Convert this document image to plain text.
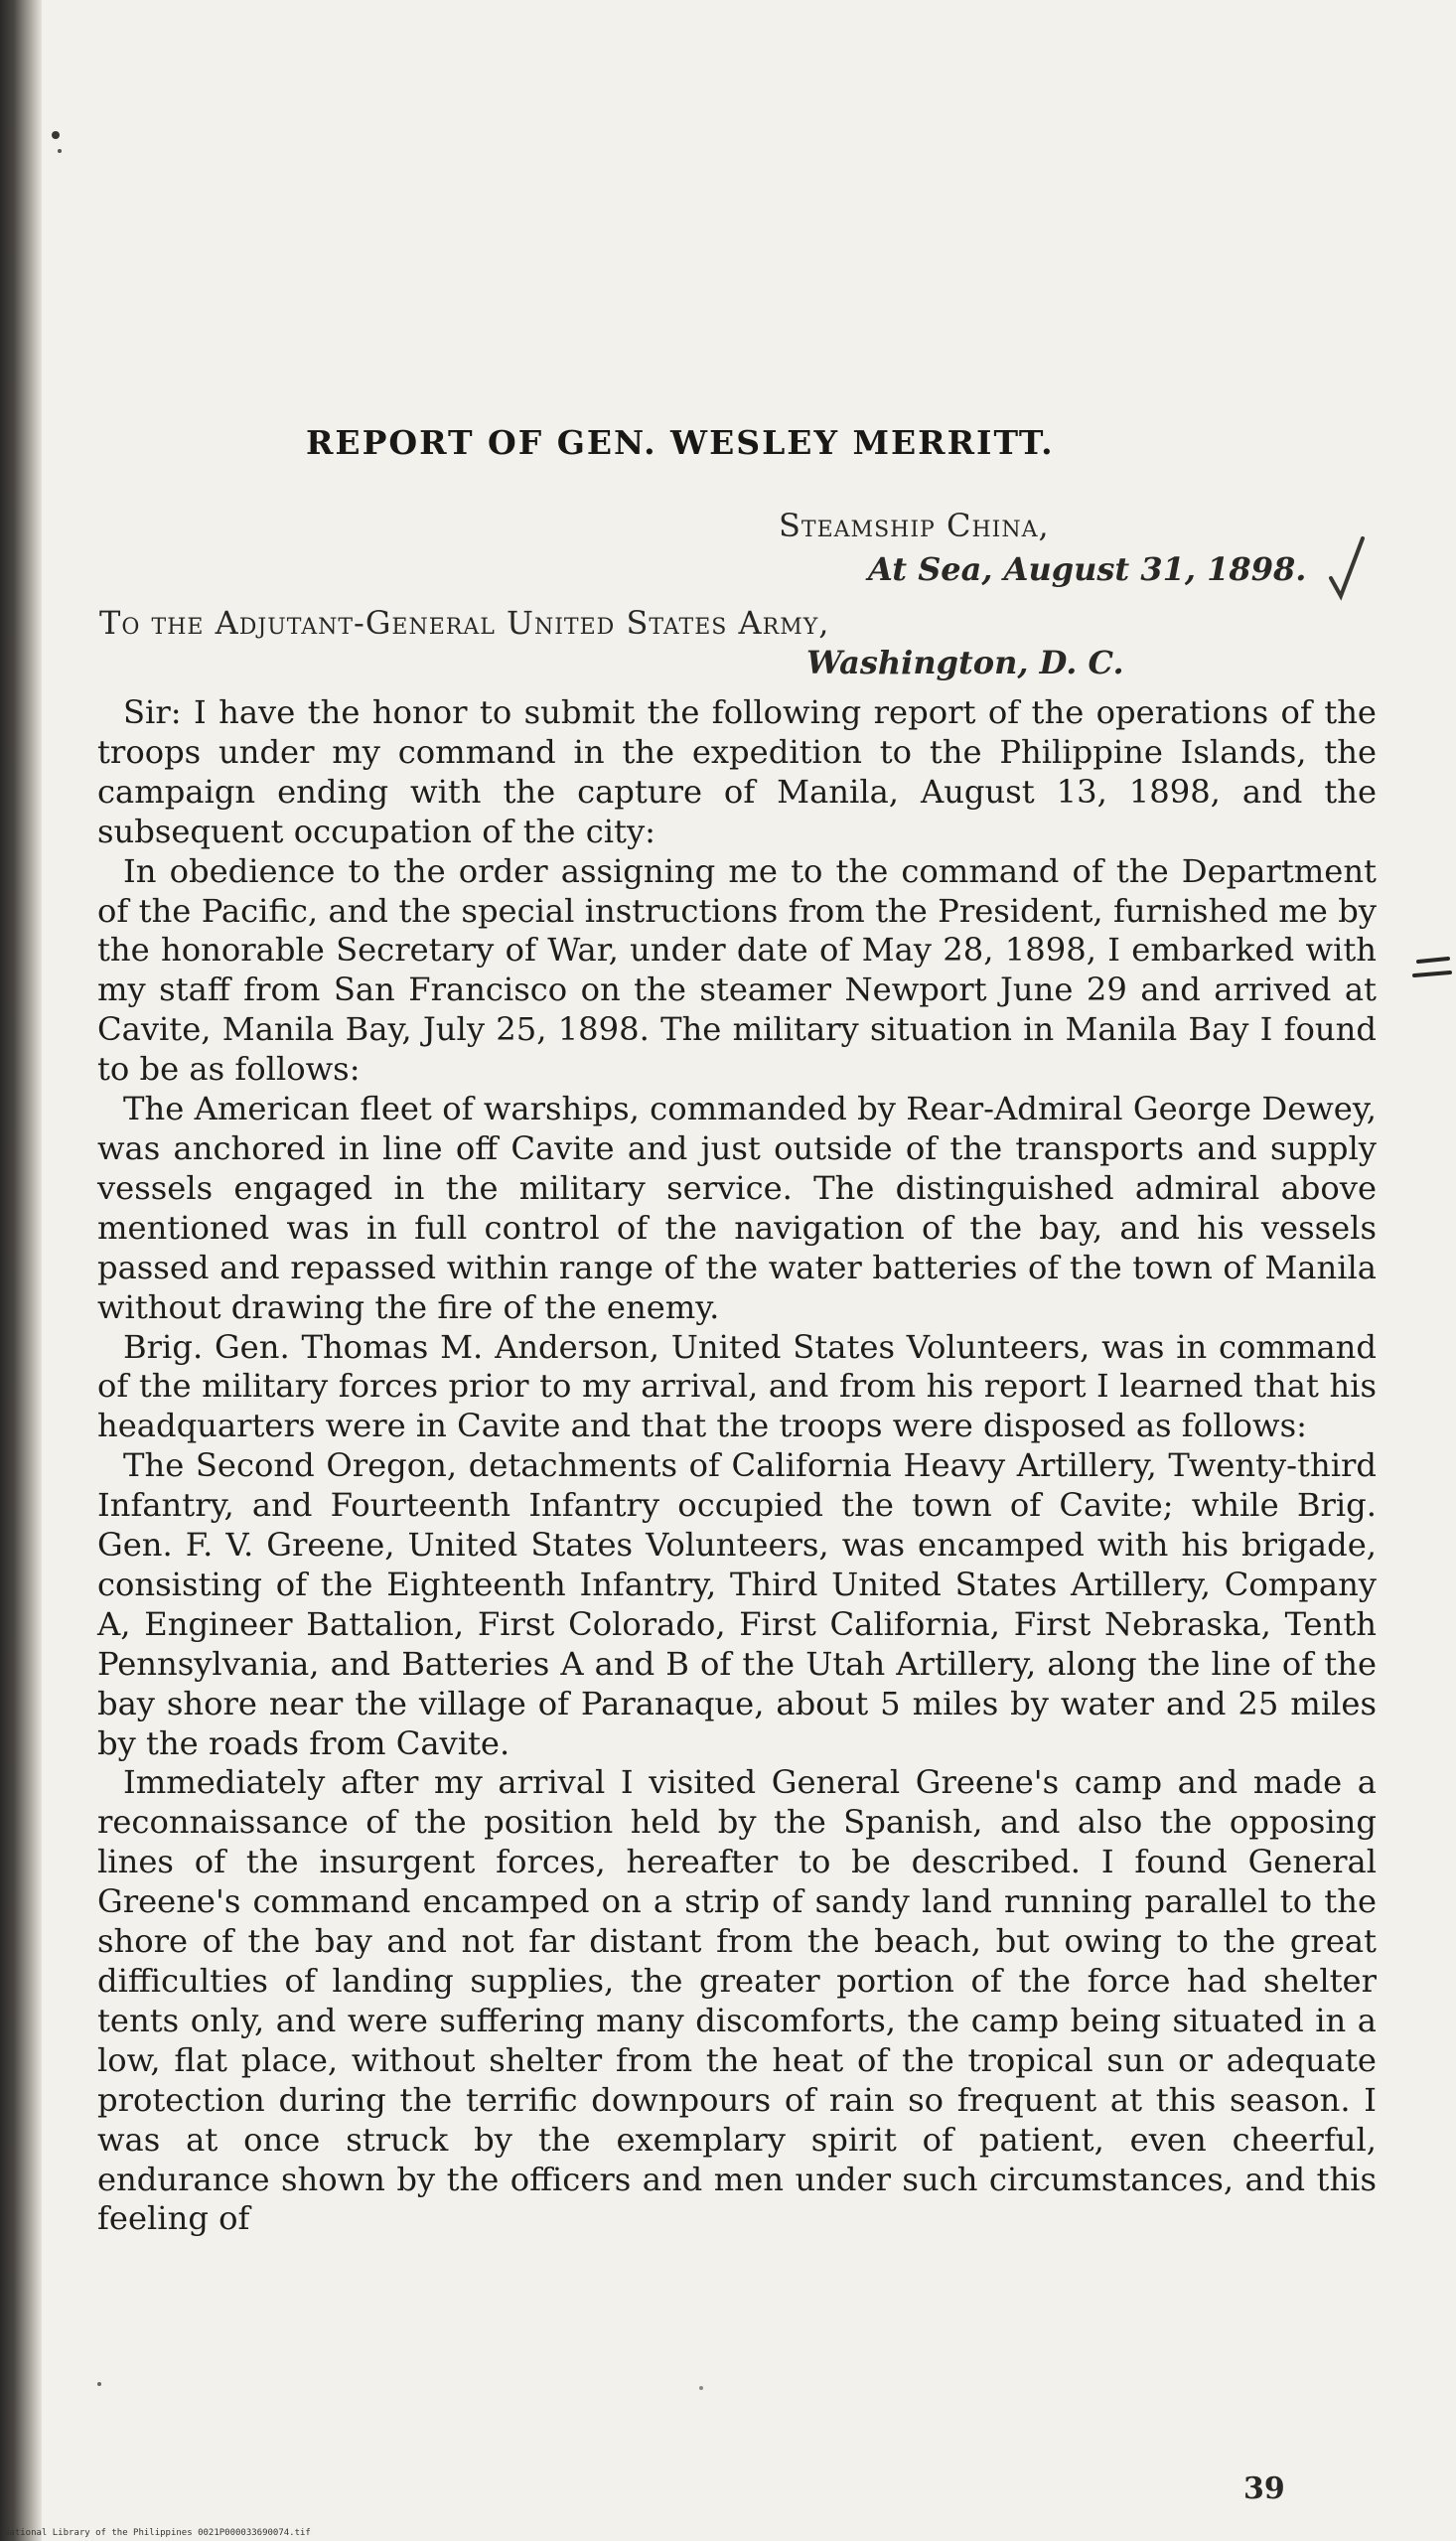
REPORT OF GEN. WESLEY MERRITT.
Steamship China,
At Sea, August 31, 1898.
To the Adjutant-General United States Army,
Washington, D. C.

Sir: I have the honor to submit the following report of the operations of the troops under my command in the expedition to the Philippine Islands, the campaign ending with the capture of Manila, August 13, 1898, and the subsequent occupation of the city:

In obedience to the order assigning me to the command of the Department of the Pacific, and the special instructions from the President, furnished me by the honorable Secretary of War, under date of May 28, 1898, I embarked with my staff from San Francisco on the steamer Newport June 29 and arrived at Cavite, Manila Bay, July 25, 1898. The military situation in Manila Bay I found to be as follows:

The American fleet of warships, commanded by Rear-Admiral George Dewey, was anchored in line off Cavite and just outside of the transports and supply vessels engaged in the military service. The distinguished admiral above mentioned was in full control of the navigation of the bay, and his vessels passed and repassed within range of the water batteries of the town of Manila without drawing the fire of the enemy.

Brig. Gen. Thomas M. Anderson, United States Volunteers, was in command of the military forces prior to my arrival, and from his report I learned that his headquarters were in Cavite and that the troops were disposed as follows:

The Second Oregon, detachments of California Heavy Artillery, Twenty-third Infantry, and Fourteenth Infantry occupied the town of Cavite; while Brig. Gen. F. V. Greene, United States Volunteers, was encamped with his brigade, consisting of the Eighteenth Infantry, Third United States Artillery, Company A, Engineer Battalion, First Colorado, First California, First Nebraska, Tenth Pennsylvania, and Batteries A and B of the Utah Artillery, along the line of the bay shore near the village of Paranaque, about 5 miles by water and 25 miles by the roads from Cavite.

Immediately after my arrival I visited General Greene's camp and made a reconnaissance of the position held by the Spanish, and also the opposing lines of the insurgent forces, hereafter to be described. I found General Greene's command encamped on a strip of sandy land running parallel to the shore of the bay and not far distant from the beach, but owing to the great difficulties of landing supplies, the greater portion of the force had shelter tents only, and were suffering many discomforts, the camp being situated in a low, flat place, without shelter from the heat of the tropical sun or adequate protection during the terrific downpours of rain so frequent at this season. I was at once struck by the exemplary spirit of patient, even cheerful, endurance shown by the officers and men under such circumstances, and this feeling of

39
National Library of the Philippines 0021P000033690074.tif
